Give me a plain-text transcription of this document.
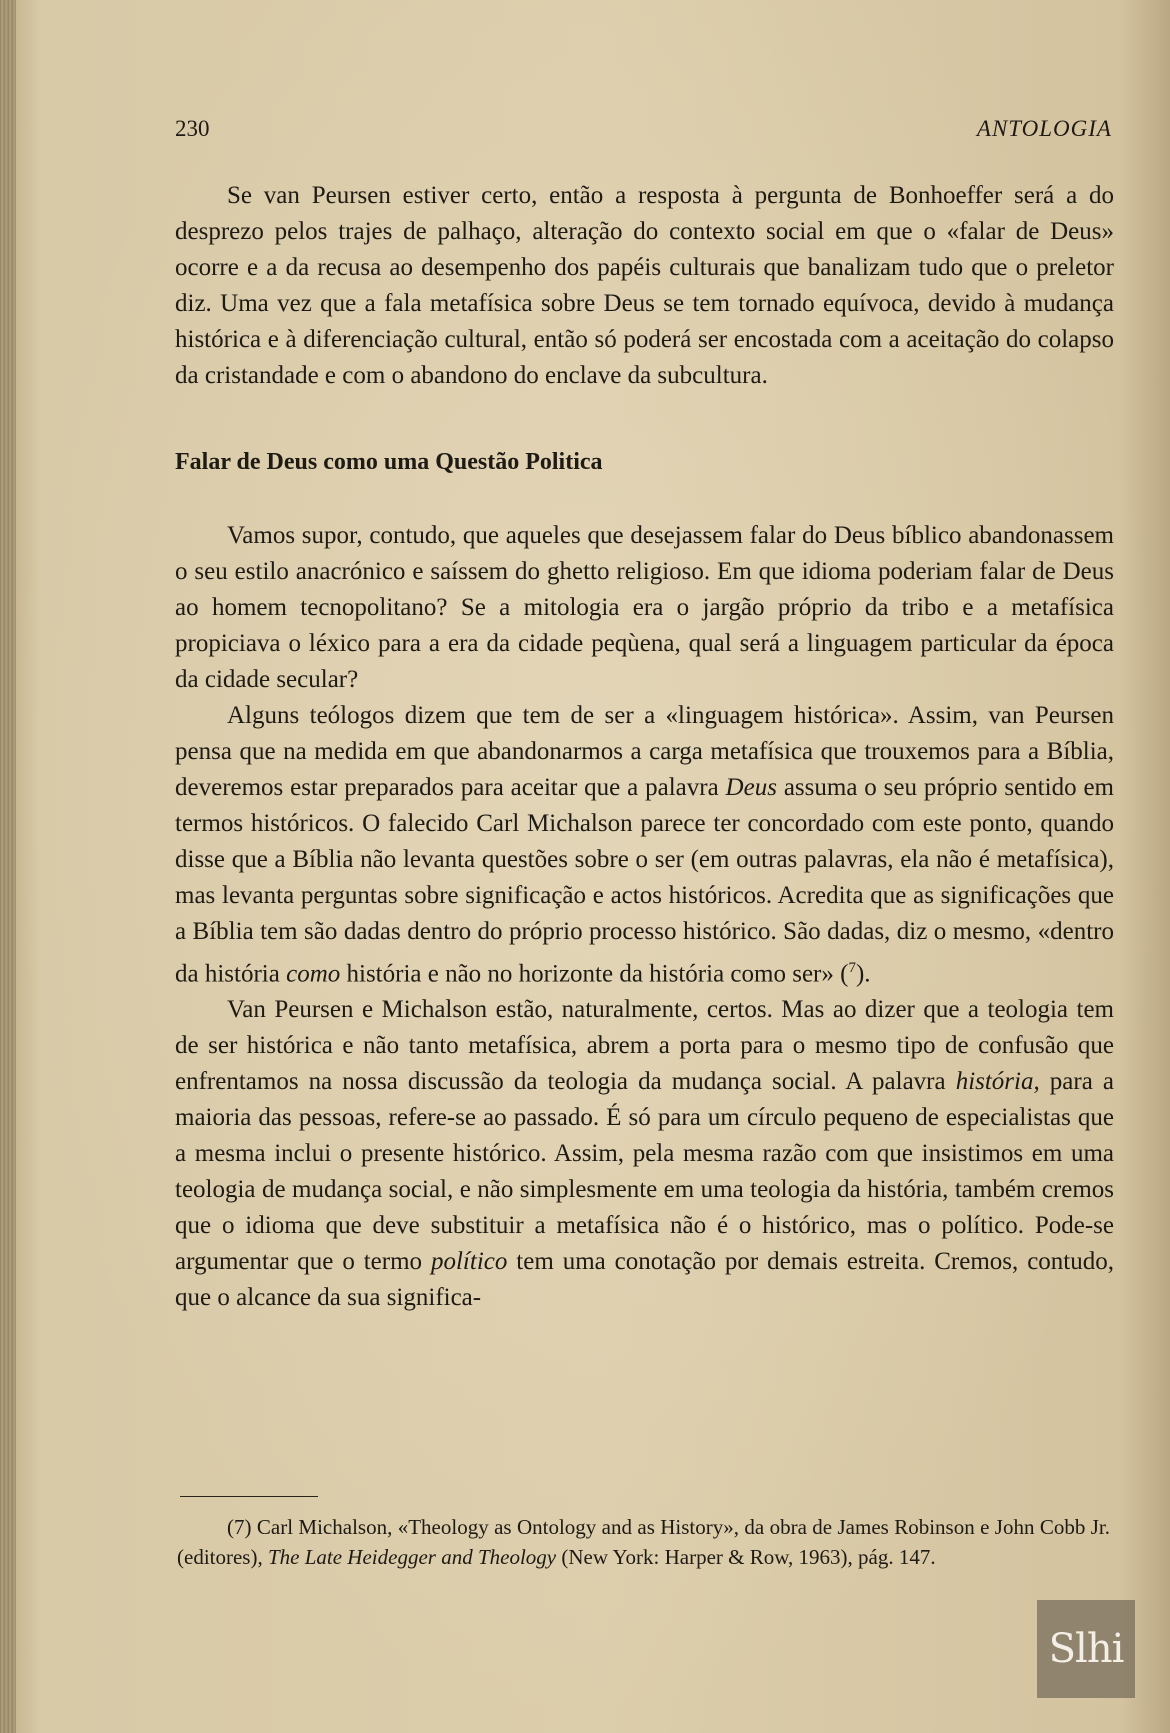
230	ANTOLOGIA

Se van Peursen estiver certo, então a resposta à pergunta de Bonhoeffer será a do desprezo pelos trajes de palhaço, alteração do contexto social em que o «falar de Deus» ocorre e a da recusa ao desempenho dos papéis culturais que banalizam tudo que o preletor diz. Uma vez que a fala metafísica sobre Deus se tem tornado equívoca, devido à mudança histórica e à diferenciação cultural, então só poderá ser encostada com a aceitação do colapso da cristandade e com o abandono do enclave da subcultura.

Falar de Deus como uma Questão Politica

Vamos supor, contudo, que aqueles que desejassem falar do Deus bíblico abandonassem o seu estilo anacrónico e saíssem do ghetto religioso. Em que idioma poderiam falar de Deus ao homem tecnopolitano? Se a mitologia era o jargão próprio da tribo e a metafísica propiciava o léxico para a era da cidade peqùena, qual será a linguagem particular da época da cidade secular?

Alguns teólogos dizem que tem de ser a «linguagem histórica». Assim, van Peursen pensa que na medida em que abandonarmos a carga metafísica que trouxemos para a Bíblia, deveremos estar preparados para aceitar que a palavra Deus assuma o seu próprio sentido em termos históricos. O falecido Carl Michalson parece ter concordado com este ponto, quando disse que a Bíblia não levanta questões sobre o ser (em outras palavras, ela não é metafísica), mas levanta perguntas sobre significação e actos históricos. Acredita que as significações que a Bíblia tem são dadas dentro do próprio processo histórico. São dadas, diz o mesmo, «dentro da história como história e não no horizonte da história como ser» ($^7$).

Van Peursen e Michalson estão, naturalmente, certos. Mas ao dizer que a teologia tem de ser histórica e não tanto metafísica, abrem a porta para o mesmo tipo de confusão que enfrentamos na nossa discussão da teologia da mudança social. A palavra história, para a maioria das pessoas, refere-se ao passado. É só para um círculo pequeno de especialistas que a mesma inclui o presente histórico. Assim, pela mesma razão com que insistimos em uma teologia de mudança social, e não simplesmente em uma teologia da história, também cremos que o idioma que deve substituir a metafísica não é o histórico, mas o político. Pode-se argumentar que o termo político tem uma conotação por demais estreita. Cremos, contudo, que o alcance da sua significa-

(7) Carl Michalson, «Theology as Ontology and as History», da obra de James Robinson e John Cobb Jr. (editores), The Late Heidegger and Theology (New York: Harper & Row, 1963), pág. 147.

Slhi
